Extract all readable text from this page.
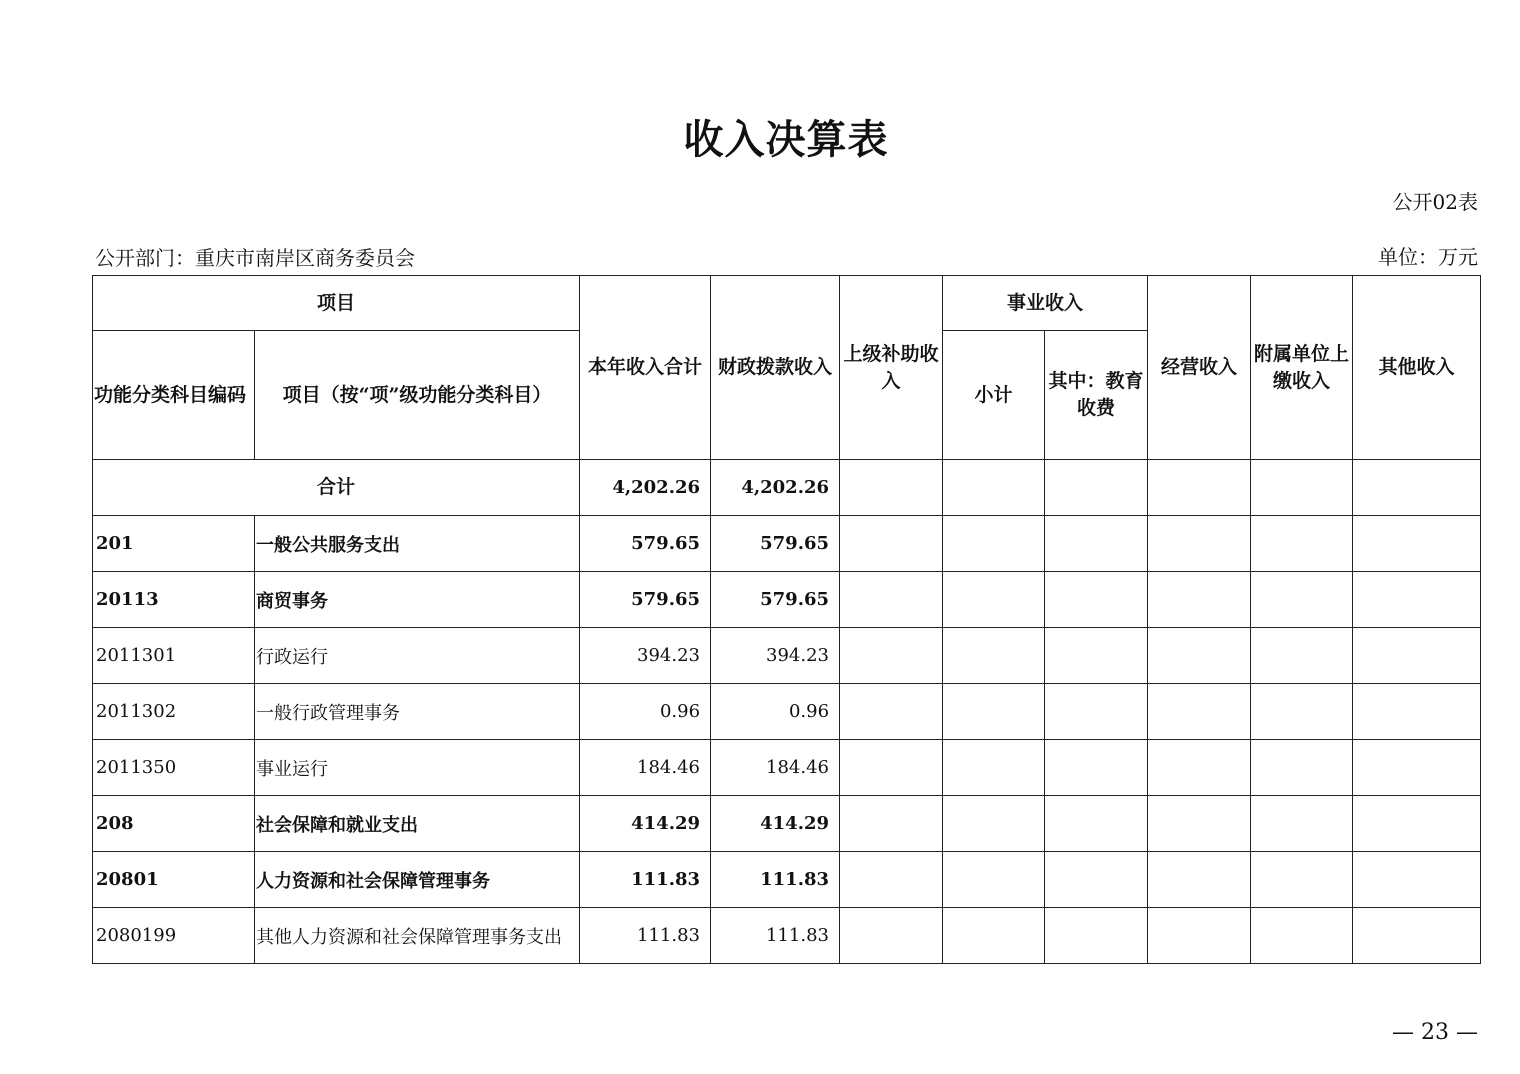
收入决算表
公开02表
公开部门：重庆市南岸区商务委员会	单位：万元
项目		本年收入合计	财政拨款收入	上级补助收入	事业收入		经营收入	附属单位上缴收入	其他收入
功能分类科目编码	项目（按“项”级功能分类科目）				小计	其中：教育收费			
合计		4,202.26	4,202.26						
201	一般公共服务支出	579.65	579.65						
20113	商贸事务	579.65	579.65						
2011301	行政运行	394.23	394.23						
2011302	一般行政管理事务	0.96	0.96						
2011350	事业运行	184.46	184.46						
208	社会保障和就业支出	414.29	414.29						
20801	人力资源和社会保障管理事务	111.83	111.83						
2080199	其他人力资源和社会保障管理事务支出	111.83	111.83						
— 23 —
